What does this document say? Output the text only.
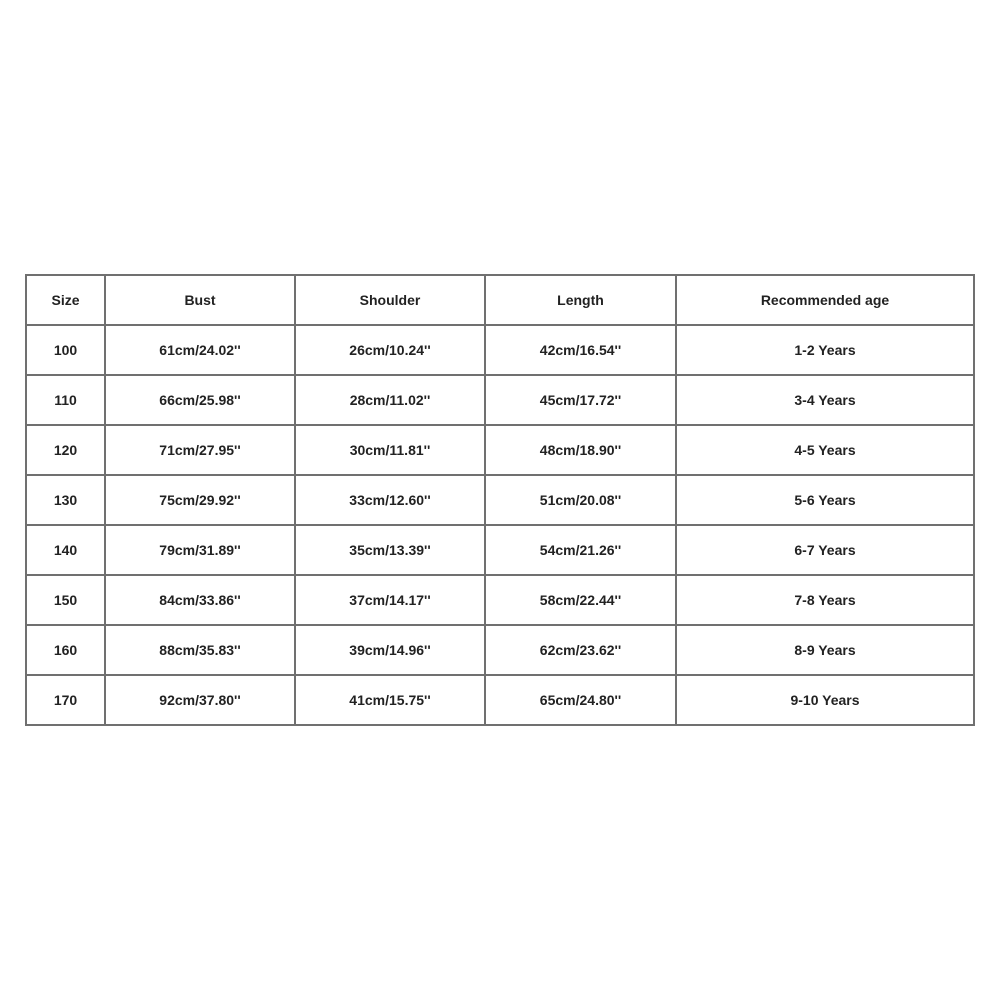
Size	Bust	Shoulder	Length	Recommended age
100	61cm/24.02''	26cm/10.24''	42cm/16.54''	1-2 Years
110	66cm/25.98''	28cm/11.02''	45cm/17.72''	3-4 Years
120	71cm/27.95''	30cm/11.81''	48cm/18.90''	4-5 Years
130	75cm/29.92''	33cm/12.60''	51cm/20.08''	5-6 Years
140	79cm/31.89''	35cm/13.39''	54cm/21.26''	6-7 Years
150	84cm/33.86''	37cm/14.17''	58cm/22.44''	7-8 Years
160	88cm/35.83''	39cm/14.96''	62cm/23.62''	8-9 Years
170	92cm/37.80''	41cm/15.75''	65cm/24.80''	9-10 Years
